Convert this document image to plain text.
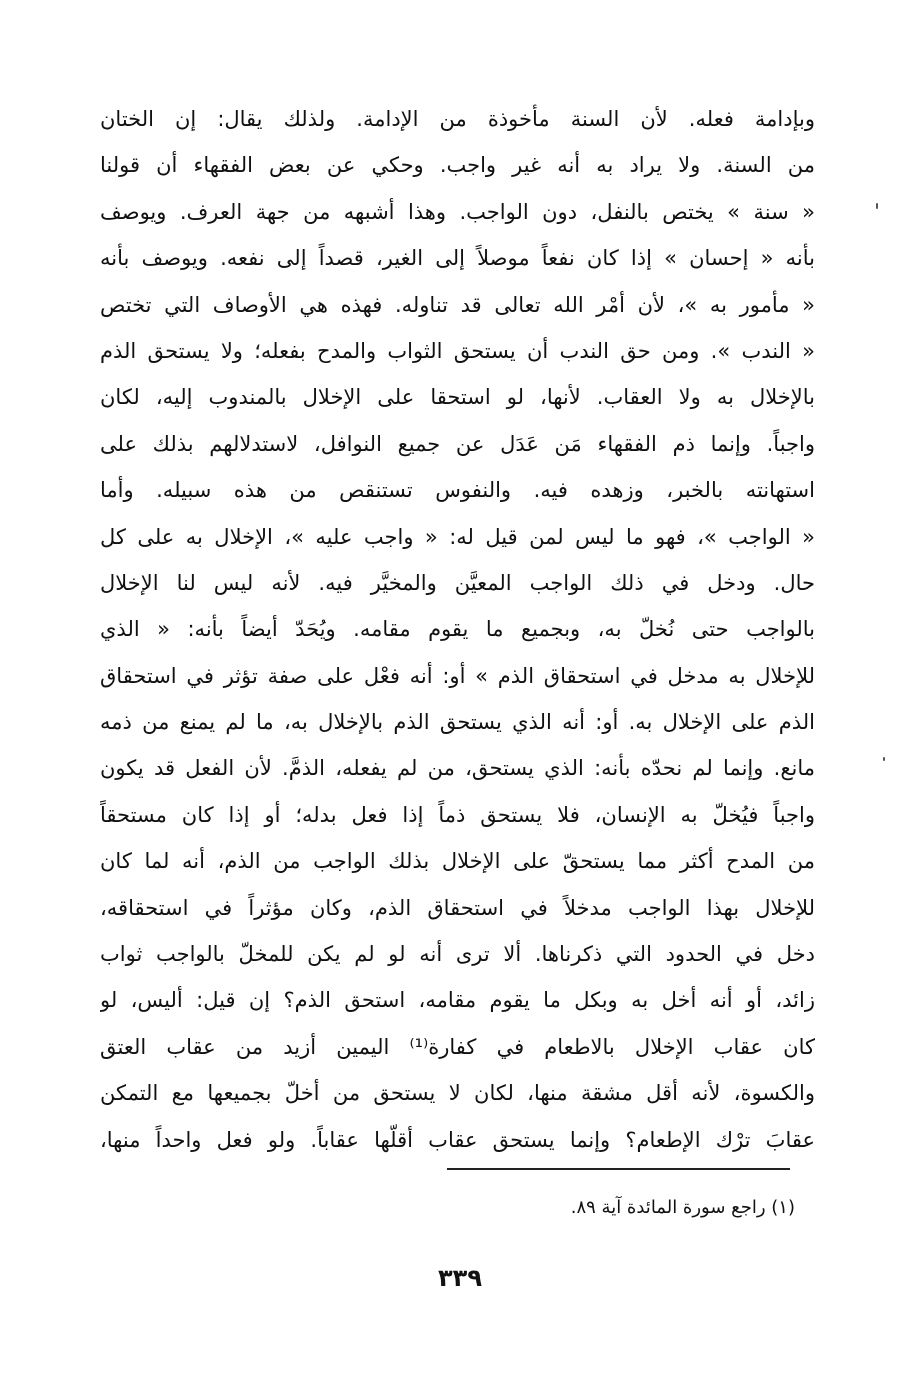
وبإدامة فعله. لأن السنة مأخوذة من الإدامة. ولذلك يقال: إن الختان
من السنة. ولا يراد به أنه غير واجب. وحكي عن بعض الفقهاء أن قولنا
« سنة » يختص بالنفل، دون الواجب. وهذا أشبهه من جهة العرف. ويوصف
بأنه « إحسان » إذا كان نفعاً موصلاً إلى الغير، قصداً إلى نفعه. ويوصف بأنه
« مأمور به »، لأن أمْر الله تعالى قد تناوله. فهذه هي الأوصاف التي تختص
« الندب ». ومن حق الندب أن يستحق الثواب والمدح بفعله؛ ولا يستحق الذم
بالإخلال به ولا العقاب. لأنها، لو استحقا على الإخلال بالمندوب إليه، لكان
واجباً. وإنما ذم الفقهاء مَن عَدَل عن جميع النوافل، لاستدلالهم بذلك على
استهانته بالخبر، وزهده فيه. والنفوس تستنقص من هذه سبيله. وأما
« الواجب »، فهو ما ليس لمن قيل له: « واجب عليه »، الإخلال به على كل
حال. ودخل في ذلك الواجب المعيَّن والمخيَّر فيه. لأنه ليس لنا الإخلال
بالواجب حتى نُخلّ به، وبجميع ما يقوم مقامه. ويُحَدّ أيضاً بأنه: « الذي
للإخلال به مدخل في استحقاق الذم » أو: أنه فعْل على صفة تؤثر في استحقاق
الذم على الإخلال به. أو: أنه الذي يستحق الذم بالإخلال به، ما لم يمنع من ذمه
مانع. وإنما لم نحدّه بأنه: الذي يستحق، من لم يفعله، الذمَّ. لأن الفعل قد يكون
واجباً فيُخلّ به الإنسان، فلا يستحق ذماً إذا فعل بدله؛ أو إذا كان مستحقاً
من المدح أكثر مما يستحقّ على الإخلال بذلك الواجب من الذم، أنه لما كان
للإخلال بهذا الواجب مدخلاً في استحقاق الذم، وكان مؤثراً في استحقاقه،
دخل في الحدود التي ذكرناها. ألا ترى أنه لو لم يكن للمخلّ بالواجب ثواب
زائد، أو أنه أخل به وبكل ما يقوم مقامه، استحق الذم؟ إن قيل: أليس، لو
كان عقاب الإخلال بالاطعام في كفارة⁽¹⁾ اليمين أزيد من عقاب العتق
والكسوة، لأنه أقل مشقة منها، لكان لا يستحق من أخلّ بجميعها مع التمكن
عقابَ ترْك الإطعام؟ وإنما يستحق عقاب أقلّها عقاباً. ولو فعل واحداً منها،
(١) راجع سورة المائدة آية ٨٩.
٣٣٩
